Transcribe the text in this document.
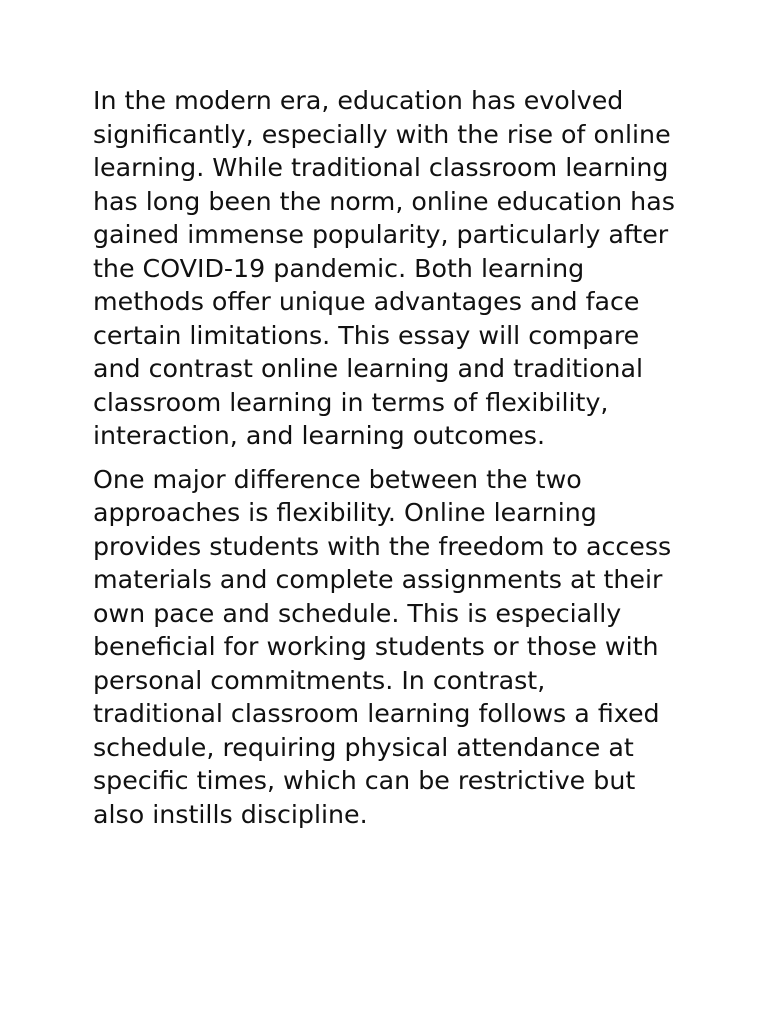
In the modern era, education has evolved significantly, especially with the rise of online learning. While traditional classroom learning has long been the norm, online education has gained immense popularity, particularly after the COVID-19 pandemic. Both learning methods offer unique advantages and face certain limitations. This essay will compare and contrast online learning and traditional classroom learning in terms of flexibility, interaction, and learning outcomes.

One major difference between the two approaches is flexibility. Online learning provides students with the freedom to access materials and complete assignments at their own pace and schedule. This is especially beneficial for working students or those with personal commitments. In contrast, traditional classroom learning follows a fixed schedule, requiring physical attendance at specific times, which can be restrictive but also instills discipline.
